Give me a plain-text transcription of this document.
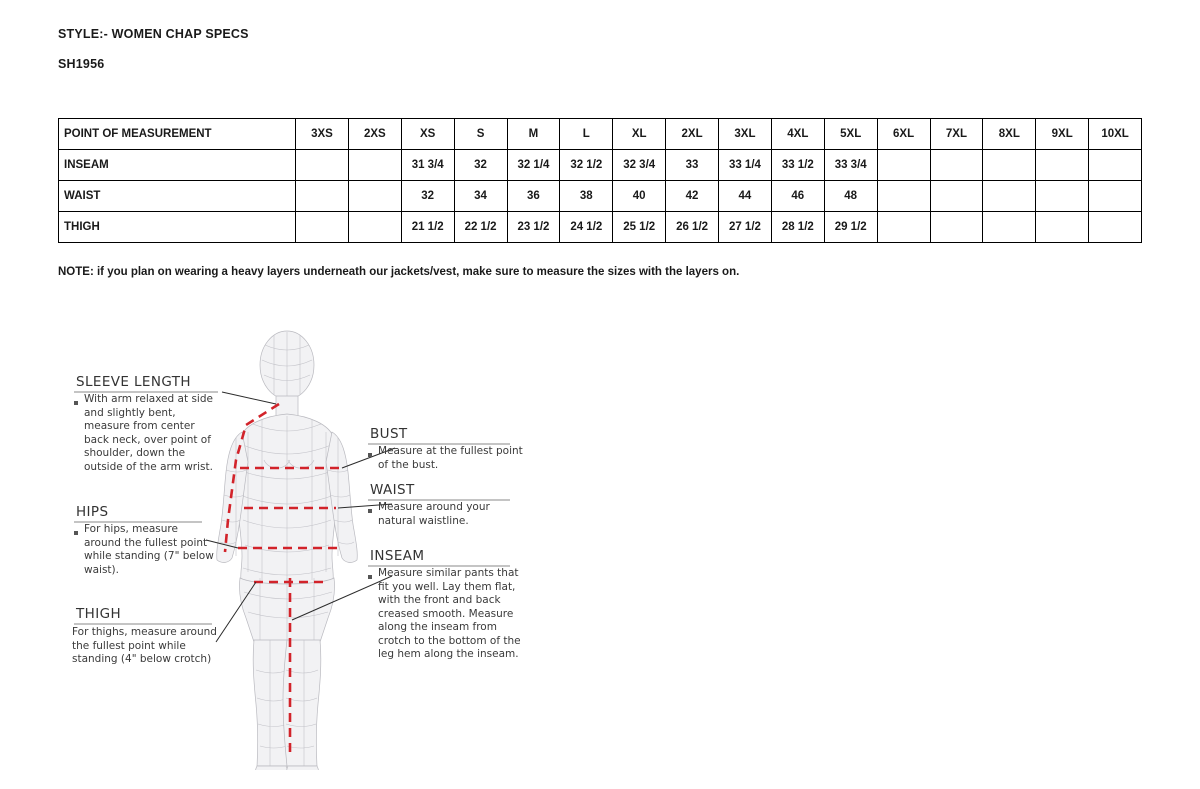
STYLE:- WOMEN CHAP SPECS
SH1956
POINT OF MEASUREMENT	3XS	2XS	XS	S	M	L	XL	2XL	3XL	4XL	5XL	6XL	7XL	8XL	9XL	10XL
INSEAM			31 3/4	32	32 1/4	32 1/2	32 3/4	33	33 1/4	33 1/2	33 3/4					
WAIST			32	34	36	38	40	42	44	46	48					
THIGH			21 1/2	22 1/2	23 1/2	24 1/2	25 1/2	26 1/2	27 1/2	28 1/2	29 1/2					
NOTE: if you plan on wearing a heavy layers underneath our jackets/vest, make sure to measure the sizes with the layers on.
SLEEVE LENGTH
With arm relaxed at side and slightly bent, measure from center back neck, over point of shoulder, down the outside of the arm wrist.
HIPS
For hips, measure around the fullest point while standing (7" below waist).
THIGH
For thighs, measure around the fullest point while standing (4" below crotch)
BUST
Measure at the fullest point of the bust.
WAIST
Measure around your natural waistline.
INSEAM
Measure similar pants that fit you well. Lay them flat, with the front and back creased smooth. Measure along the inseam from crotch to the bottom of the leg hem along the inseam.
